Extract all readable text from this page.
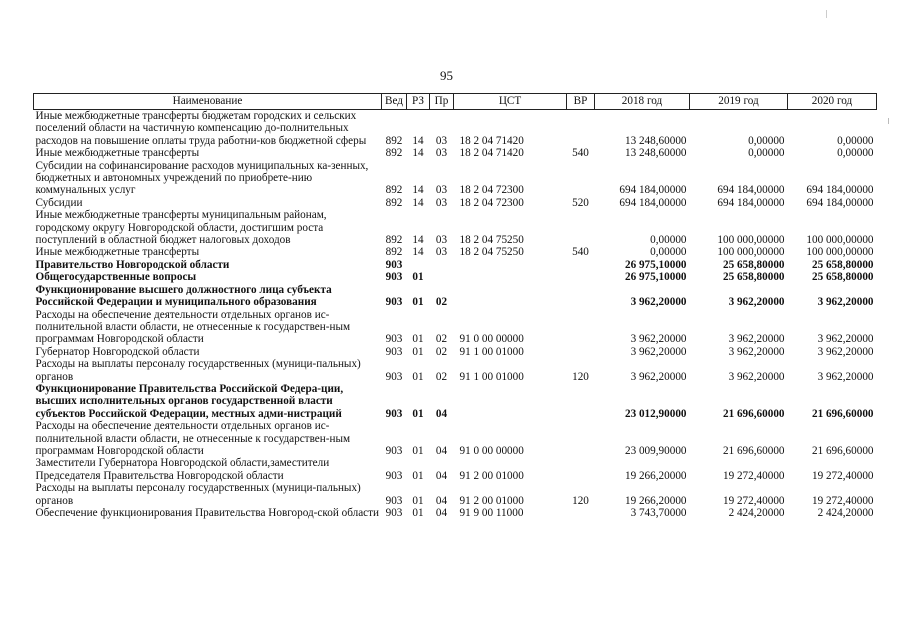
95
Наименование	Вед	РЗ	Пр	ЦСТ	ВР	2018 год	2019 год	2020 год
Иные межбюджетные трансферты бюджетам городских и сельских поселений области на частичную компенсацию до-полнительных расходов на повышение оплаты труда работни-ков бюджетной сферы	892	14	03	18 2 04 71420		13 248,60000	0,00000	0,00000
Иные межбюджетные трансферты	892	14	03	18 2 04 71420	540	13 248,60000	0,00000	0,00000
Субсидии на софинансирование расходов муниципальных ка-зенных, бюджетных и автономных учреждений по приобрете-нию коммунальных услуг	892	14	03	18 2 04 72300		694 184,00000	694 184,00000	694 184,00000
Субсидии	892	14	03	18 2 04 72300	520	694 184,00000	694 184,00000	694 184,00000
Иные межбюджетные трансферты муниципальным районам, городскому округу Новгородской области, достигшим роста поступлений в областной бюджет налоговых доходов	892	14	03	18 2 04 75250		0,00000	100 000,00000	100 000,00000
Иные межбюджетные трансферты	892	14	03	18 2 04 75250	540	0,00000	100 000,00000	100 000,00000
Правительство Новгородской области	903					26 975,10000	25 658,80000	25 658,80000
Общегосударственные вопросы	903	01				26 975,10000	25 658,80000	25 658,80000
Функционирование высшего должностного лица субъекта Российской Федерации и муниципального образования	903	01	02			3 962,20000	3 962,20000	3 962,20000
Расходы на обеспечение деятельности отдельных органов ис-полнительной власти области, не отнесенные к государствен-ным программам Новгородской области	903	01	02	91 0 00 00000		3 962,20000	3 962,20000	3 962,20000
Губернатор Новгородской области	903	01	02	91 1 00 01000		3 962,20000	3 962,20000	3 962,20000
Расходы на выплаты персоналу государственных (муници-пальных) органов	903	01	02	91 1 00 01000	120	3 962,20000	3 962,20000	3 962,20000
Функционирование Правительства Российской Федера-ции, высших исполнительных органов государственной власти субъектов Российской Федерации, местных адми-нистраций	903	01	04			23 012,90000	21 696,60000	21 696,60000
Расходы на обеспечение деятельности отдельных органов ис-полнительной власти области, не отнесенные к государствен-ным программам Новгородской области	903	01	04	91 0 00 00000		23 009,90000	21 696,60000	21 696,60000
Заместители Губернатора Новгородской области,заместители Председателя Правительства Новгородской области	903	01	04	91 2 00 01000		19 266,20000	19 272,40000	19 272,40000
Расходы на выплаты персоналу государственных (муници-пальных) органов	903	01	04	91 2 00 01000	120	19 266,20000	19 272,40000	19 272,40000
Обеспечение функционирования Правительства Новгород-ской области	903	01	04	91 9 00 11000		3 743,70000	2 424,20000	2 424,20000
